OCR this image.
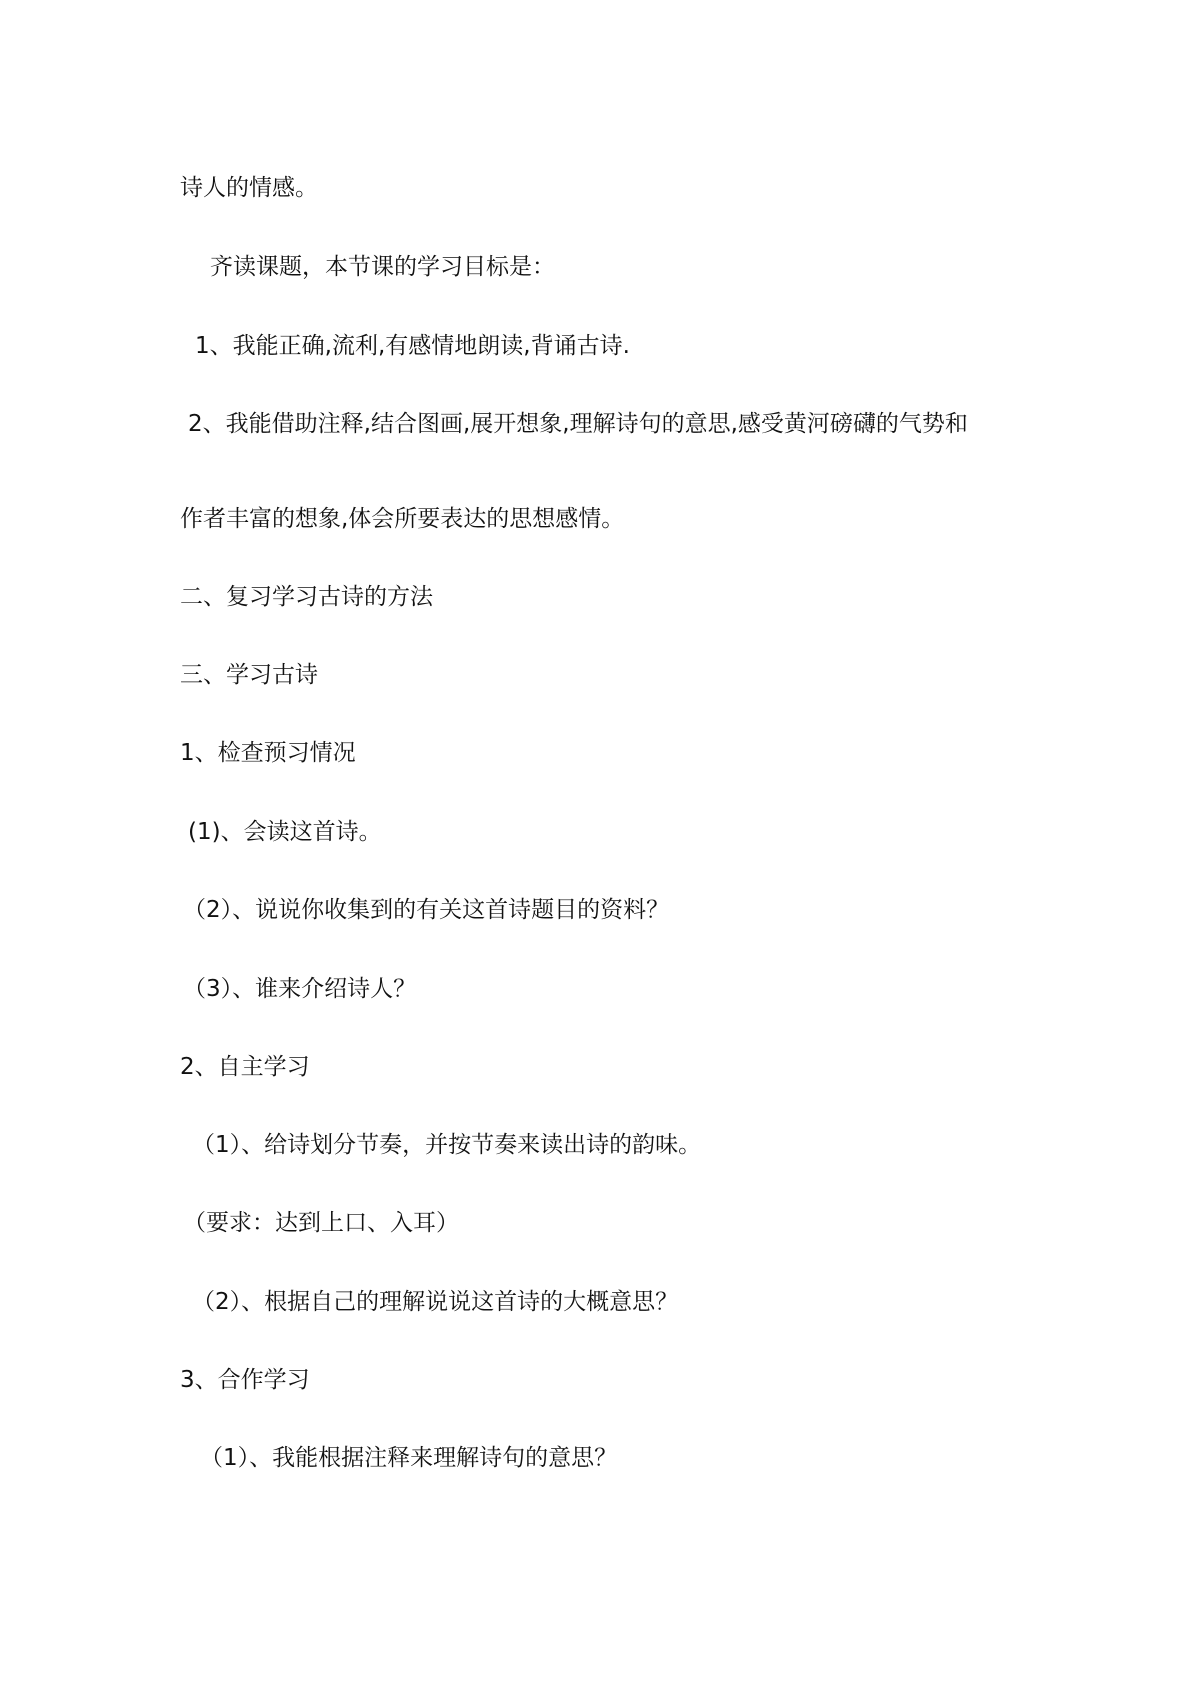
诗人的情感。
齐读课题，本节课的学习目标是：
1、我能正确,流利,有感情地朗读,背诵古诗.
2、我能借助注释,结合图画,展开想象,理解诗句的意思,感受黄河磅礴的气势和
作者丰富的想象,体会所要表达的思想感情。
二、复习学习古诗的方法
三、学习古诗
1、检查预习情况
(1)、会读这首诗。
（2）、说说你收集到的有关这首诗题目的资料？
（3）、谁来介绍诗人？
2、自主学习
（1）、给诗划分节奏，并按节奏来读出诗的韵味。
（要求：达到上口、入耳）
（2）、根据自己的理解说说这首诗的大概意思？
3、合作学习
（1）、我能根据注释来理解诗句的意思？
